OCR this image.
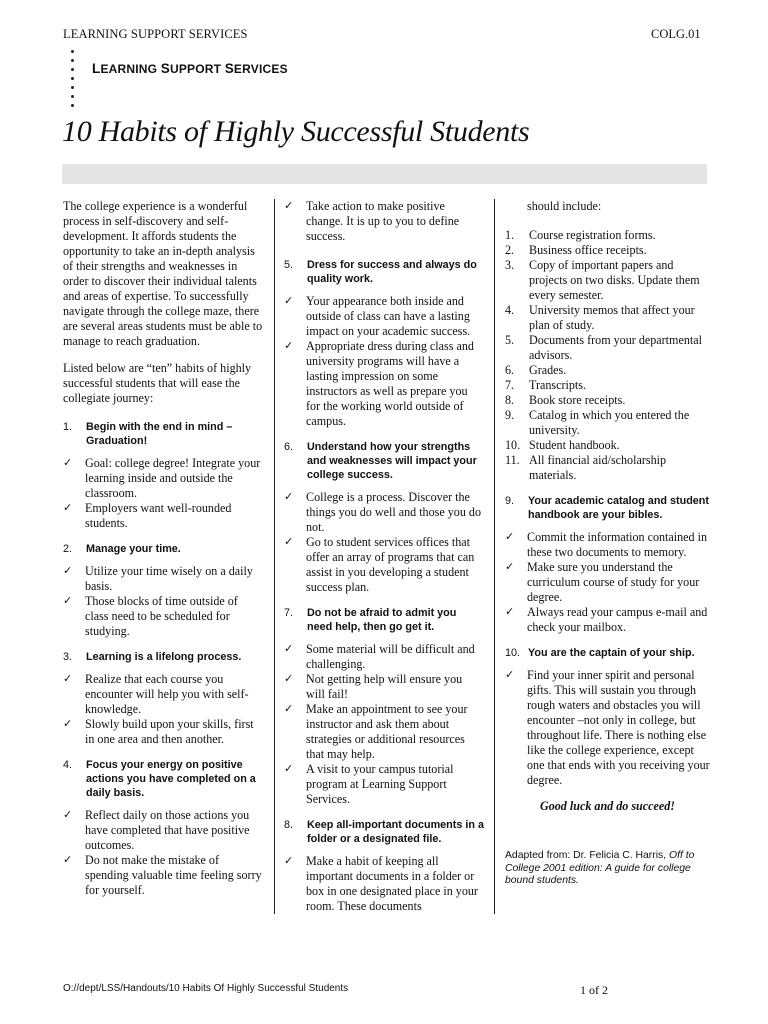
LEARNING SUPPORT SERVICES	COLG.01
LEARNING SUPPORT SERVICES
10 Habits of Highly Successful Students

The college experience is a wonderful process in self-discovery and self-development. It affords students the opportunity to take an in-depth analysis of their strengths and weaknesses in order to discover their individual talents and areas of expertise. To successfully navigate through the college maze, there are several areas students must be able to manage to reach graduation.

Listed below are “ten” habits of highly successful students that will ease the collegiate journey:

1.	Begin with the end in mind – Graduation!
✓	Goal: college degree! Integrate your learning inside and outside the classroom.
✓	Employers want well-rounded students.
2.	Manage your time.
✓	Utilize your time wisely on a daily basis.
✓	Those blocks of time outside of class need to be scheduled for studying.
3.	Learning is a lifelong process.
✓	Realize that each course you encounter will help you with self-knowledge.
✓	Slowly build upon your skills, first in one area and then another.
4.	Focus your energy on positive actions you have completed on a daily basis.
✓	Reflect daily on those actions you have completed that have positive outcomes.
✓	Do not make the mistake of spending valuable time feeling sorry for yourself.
✓	Take action to make positive change. It is up to you to define success.
5.	Dress for success and always do quality work.
✓	Your appearance both inside and outside of class can have a lasting impact on your academic success.
✓	Appropriate dress during class and university programs will have a lasting impression on some instructors as well as prepare you for the working world outside of campus.
6.	Understand how your strengths and weaknesses will impact your college success.
✓	College is a process. Discover the things you do well and those you do not.
✓	Go to student services offices that offer an array of programs that can assist in you developing a student success plan.
7.	Do not be afraid to admit you need help, then go get it.
✓	Some material will be difficult and challenging.
✓	Not getting help will ensure you will fail!
✓	Make an appointment to see your instructor and ask them about strategies or additional resources that may help.
✓	A visit to your campus tutorial program at Learning Support Services.
8.	Keep all-important documents in a folder or a designated file.
✓	Make a habit of keeping all important documents in a folder or box in one designated place in your room. These documents

should include:

1.	Course registration forms.
2.	Business office receipts.
3.	Copy of important papers and projects on two disks. Update them every semester.
4.	University memos that affect your plan of study.
5.	Documents from your departmental advisors.
6.	Grades.
7.	Transcripts.
8.	Book store receipts.
9.	Catalog in which you entered the university.
10. Student handbook.
11. All financial aid/scholarship materials.
9.	Your academic catalog and student handbook are your bibles.
✓	Commit the information contained in these two documents to memory.
✓	Make sure you understand the curriculum course of study for your degree.
✓	Always read your campus e-mail and check your mailbox.
10. You are the captain of your ship.
✓	Find your inner spirit and personal gifts. This will sustain you through rough waters and obstacles you will encounter –not only in college, but throughout life. There is nothing else like the college experience, except one that ends with you receiving your degree.

Good luck and do succeed!

Adapted from: Dr. Felicia C. Harris, Off to College 2001 edition: A guide for college bound students.

O://dept/LSS/Handouts/10 Habits Of Highly Successful Students	1 of 2
